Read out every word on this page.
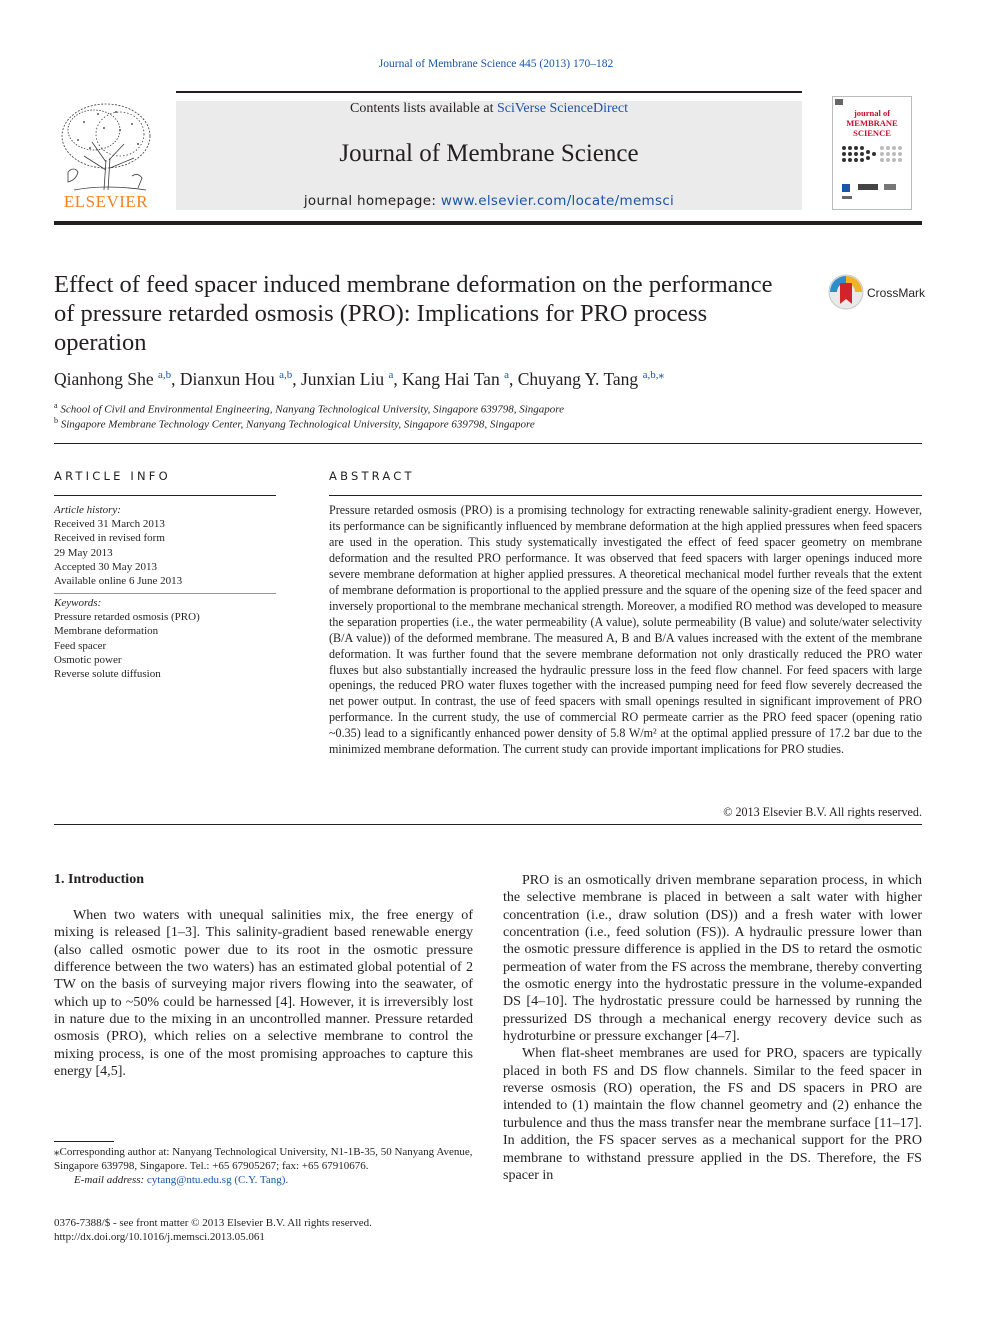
Journal of Membrane Science 445 (2013) 170–182
ELSEVIER
Contents lists available at SciVerse ScienceDirect
Journal of Membrane Science
journal homepage: www.elsevier.com/locate/memsci
journal of
MEMBRANE
SCIENCE
Effect of feed spacer induced membrane deformation on the performance of pressure retarded osmosis (PRO): Implications for PRO process operation
CrossMark
Qianhong She $^{a,b}$, Dianxun Hou $^{a,b}$, Junxian Liu $^a$, Kang Hai Tan $^a$, Chuyang Y. Tang $^{a,b,⁎}$
$^a$ School of Civil and Environmental Engineering, Nanyang Technological University, Singapore 639798, Singapore
$^b$ Singapore Membrane Technology Center, Nanyang Technological University, Singapore 639798, Singapore
ARTICLE INFO
Article history:
Received 31 March 2013
Received in revised form
29 May 2013
Accepted 30 May 2013
Available online 6 June 2013
Keywords:
Pressure retarded osmosis (PRO)
Membrane deformation
Feed spacer
Osmotic power
Reverse solute diffusion
ABSTRACT
Pressure retarded osmosis (PRO) is a promising technology for extracting renewable salinity-gradient energy. However, its performance can be significantly influenced by membrane deformation at the high applied pressures when feed spacers are used in the operation. This study systematically investigated the effect of feed spacer geometry on membrane deformation and the resulted PRO performance. It was observed that feed spacers with larger openings induced more severe membrane deformation at higher applied pressures. A theoretical mechanical model further reveals that the extent of membrane deformation is proportional to the applied pressure and the square of the opening size of the feed spacer and inversely proportional to the membrane mechanical strength. Moreover, a modified RO method was developed to measure the separation properties (i.e., the water permeability (A value), solute permeability (B value) and solute/water selectivity (B/A value)) of the deformed membrane. The measured A, B and B/A values increased with the extent of the membrane deformation. It was further found that the severe membrane deformation not only drastically reduced the PRO water fluxes but also substantially increased the hydraulic pressure loss in the feed flow channel. For feed spacers with large openings, the reduced PRO water fluxes together with the increased pumping need for feed flow severely decreased the net power output. In contrast, the use of feed spacers with small openings resulted in significant improvement of PRO performance. In the current study, the use of commercial RO permeate carrier as the PRO feed spacer (opening ratio ~0.35) lead to a significantly enhanced power density of 5.8 W/m² at the optimal applied pressure of 17.2 bar due to the minimized membrane deformation. The current study can provide important implications for PRO studies.
© 2013 Elsevier B.V. All rights reserved.
1. Introduction

When two waters with unequal salinities mix, the free energy of mixing is released [1–3]. This salinity-gradient based renewable energy (also called osmotic power due to its root in the osmotic pressure difference between the two waters) has an estimated global potential of 2 TW on the basis of surveying major rivers flowing into the seawater, of which up to ~50% could be harnessed [4]. However, it is irreversibly lost in nature due to the mixing in an uncontrolled manner. Pressure retarded osmosis (PRO), which relies on a selective membrane to control the mixing process, is one of the most promising approaches to capture this energy [4,5].

PRO is an osmotically driven membrane separation process, in which the selective membrane is placed in between a salt water with higher concentration (i.e., draw solution (DS)) and a fresh water with lower concentration (i.e., feed solution (FS)). A hydraulic pressure lower than the osmotic pressure difference is applied in the DS to retard the osmotic permeation of water from the FS across the membrane, thereby converting the osmotic energy into the hydrostatic pressure in the volume-expanded DS [4–10]. The hydrostatic pressure could be harnessed by running the pressurized DS through a mechanical energy recovery device such as hydroturbine or pressure exchanger [4–7].

When flat-sheet membranes are used for PRO, spacers are typically placed in both FS and DS flow channels. Similar to the feed spacer in reverse osmosis (RO) operation, the FS and DS spacers in PRO are intended to (1) maintain the flow channel geometry and (2) enhance the turbulence and thus the mass transfer near the membrane surface [11–17]. In addition, the FS spacer serves as a mechanical support for the PRO membrane to withstand pressure applied in the DS. Therefore, the FS spacer in

⁎Corresponding author at: Nanyang Technological University, N1-1B-35, 50 Nanyang Avenue, Singapore 639798, Singapore. Tel.: +65 67905267; fax: +65 67910676.
E-mail address: cytang@ntu.edu.sg (C.Y. Tang).
0376-7388/$ - see front matter © 2013 Elsevier B.V. All rights reserved.
http://dx.doi.org/10.1016/j.memsci.2013.05.061
